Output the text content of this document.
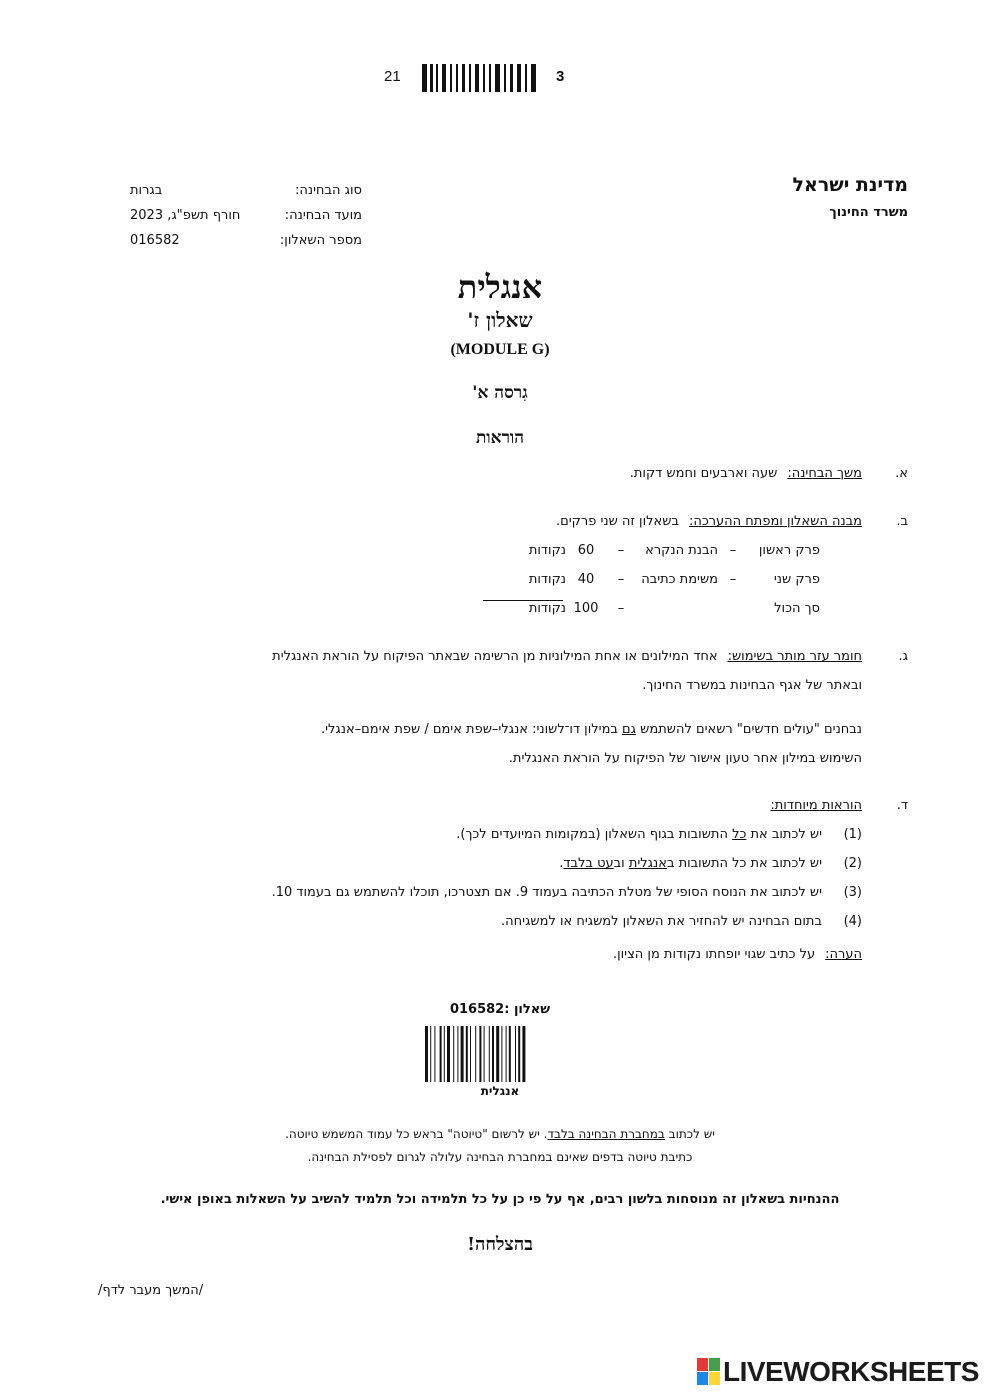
21	3
מדינת ישראל
משרד החינוך
סוג הבחינה:
בגרות
מועד הבחינה:
חורף תשפ"ג, 2023
מספר השאלון:
016582
אנגלית
שאלון ז'
(MODULE G)
גִרסה א'
הוראות
א.
משך הבחינה:שעה וארבעים וחמש דקות.
ב.
מבנה השאלון ומפתח ההערכה:בשאלון זה שני פרקים.
פרק ראשון
–
הבנת הנקרא
–
60
נקודות
פרק שני
–
משימת כתיבה
–
40
נקודות
סך הכול
–
100
נקודות
ג.
חומר עזר מותר בשימוש:אחד המילונים או אחת המילוניות מן הרשימה שבאתר הפיקוח על הוראת האנגלית
ובאתר של אגף הבחינות במשרד החינוך.
נבחנים "עולים חדשים" רשאים להשתמש גם במילון דו־לשוני: אנגלי–שפת אימם / שפת אימם–אנגלי.
השימוש במילון אחר טעון אישור של הפיקוח על הוראת האנגלית.
ד.
הוראות מיוחדות:
(1)
יש לכתוב את כל התשובות בגוף השאלון (במקומות המיועדים לכך).
(2)
יש לכתוב את כל התשובות באנגלית ובעט בלבד.
(3)
יש לכתוב את הנוסח הסופי של מטלת הכתיבה בעמוד 9. אם תצטרכו, תוכלו להשתמש גם בעמוד 10.
(4)
בתום הבחינה יש להחזיר את השאלון למשגיח או למשגיחה.
הערה:על כתיב שגוי יופחתו נקודות מן הציון.
שאלון :016582
אנגלית
יש לכתוב במחברת הבחינה בלבד. יש לרשום "טיוטה" בראש כל עמוד המשמש טיוטה.
כתיבת טיוטה בדפים שאינם במחברת הבחינה עלולה לגרום לפסילת הבחינה.
ההנחיות בשאלון זה מנוסחות בלשון רבים, אף על פי כן על כל תלמידה וכל תלמיד להשיב על השאלות באופן אישי.
בהצלחה!
/המשך מעבר לדף/
LIVEWORKSHEETS
